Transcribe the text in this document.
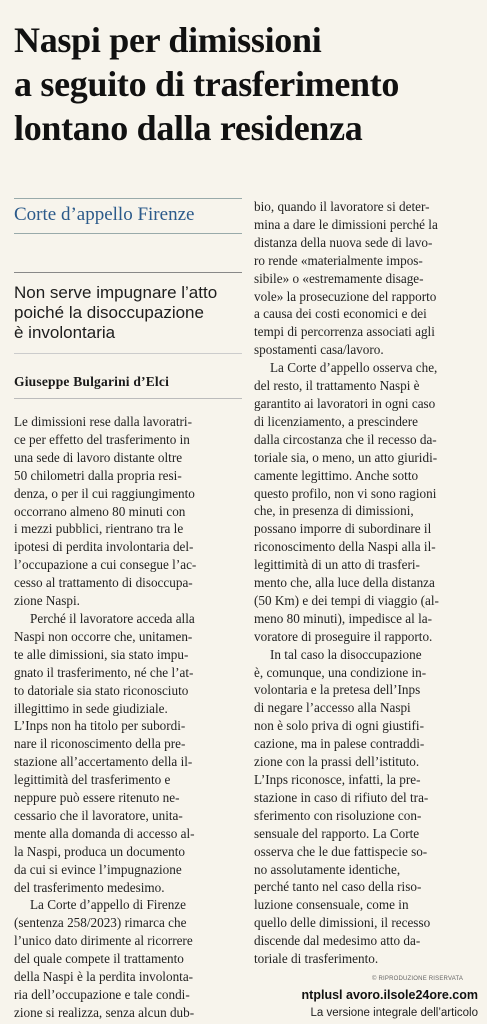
Naspi per dimissioni
a seguito di trasferimento
lontano dalla residenza
Corte d’appello Firenze
Non serve impugnare l’atto
poiché la disoccupazione
è involontaria
Giuseppe Bulgarini d’Elci

Le dimissioni rese dalla lavoratri-
ce per effetto del trasferimento in
una sede di lavoro distante oltre
50 chilometri dalla propria resi-
denza, o per il cui raggiungimento
occorrano almeno 80 minuti con
i mezzi pubblici, rientrano tra le
ipotesi di perdita involontaria del-
l’occupazione a cui consegue l’ac-
cesso al trattamento di disoccupa-
zione Naspi.

Perché il lavoratore acceda alla
Naspi non occorre che, unitamen-
te alle dimissioni, sia stato impu-
gnato il trasferimento, né che l’at-
to datoriale sia stato riconosciuto
illegittimo in sede giudiziale.
L’Inps non ha titolo per subordi-
nare il riconoscimento della pre-
stazione all’accertamento della il-
legittimità del trasferimento e
neppure può essere ritenuto ne-
cessario che il lavoratore, unita-
mente alla domanda di accesso al-
la Naspi, produca un documento
da cui si evince l’impugnazione
del trasferimento medesimo.

La Corte d’appello di Firenze
(sentenza 258/2023) rimarca che
l’unico dato dirimente al ricorrere
del quale compete il trattamento
della Naspi è la perdita involonta-
ria dell’occupazione e tale condi-
zione si realizza, senza alcun dub-

bio, quando il lavoratore si deter-
mina a dare le dimissioni perché la
distanza della nuova sede di lavo-
ro rende «materialmente impos-
sibile» o «estremamente disage-
vole» la prosecuzione del rapporto
a causa dei costi economici e dei
tempi di percorrenza associati agli
spostamenti casa/lavoro.

La Corte d’appello osserva che,
del resto, il trattamento Naspi è
garantito ai lavoratori in ogni caso
di licenziamento, a prescindere
dalla circostanza che il recesso da-
toriale sia, o meno, un atto giuridi-
camente legittimo. Anche sotto
questo profilo, non vi sono ragioni
che, in presenza di dimissioni,
possano imporre di subordinare il
riconoscimento della Naspi alla il-
legittimità di un atto di trasferi-
mento che, alla luce della distanza
(50 Km) e dei tempi di viaggio (al-
meno 80 minuti), impedisce al la-
voratore di proseguire il rapporto.

In tal caso la disoccupazione
è, comunque, una condizione in-
volontaria e la pretesa dell’Inps
di negare l’accesso alla Naspi
non è solo priva di ogni giustifi-
cazione, ma in palese contraddi-
zione con la prassi dell’istituto.
L’Inps riconosce, infatti, la pre-
stazione in caso di rifiuto del tra-
sferimento con risoluzione con-
sensuale del rapporto. La Corte
osserva che le due fattispecie so-
no assolutamente identiche,
perché tanto nel caso della riso-
luzione consensuale, come in
quello delle dimissioni, il recesso
discende dal medesimo atto da-
toriale di trasferimento.

© RIPRODUZIONE RISERVATA
ntplusl avoro.ilsole24ore.com
La versione integrale dell’articolo
